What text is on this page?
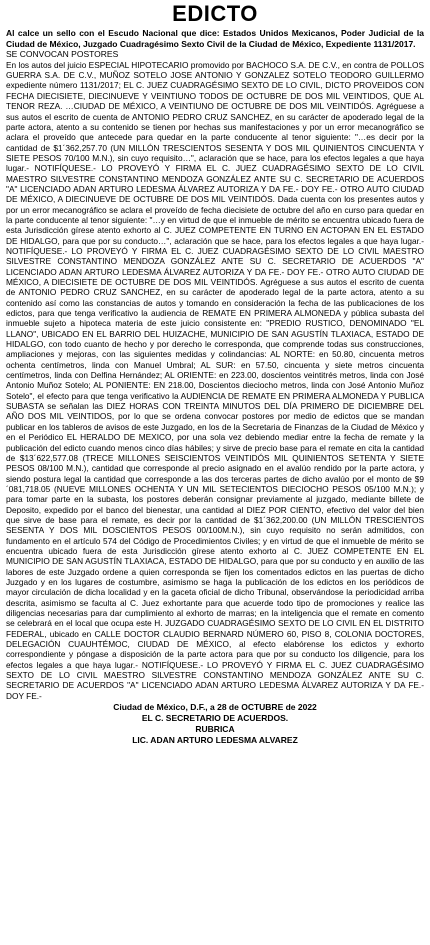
EDICTO

Al calce un sello con el Escudo Nacional que dice: Estados Unidos Mexicanos, Poder Judicial de la Ciudad de México, Juzgado Cuadragésimo Sexto Civil de la Ciudad de México, Expediente 1131/2017.

SE CONVOCAN POSTORES

En los autos del juicio ESPECIAL HIPOTECARIO promovido por BACHOCO S.A. DE C.V., en contra de POLLOS GUERRA S.A. DE C.V., MUÑOZ SOTELO JOSE ANTONIO Y GONZALEZ SOTELO TEODORO GUILLERMO expediente número 1131/2017; EL C. JUEZ CUADRAGÉSIMO SEXTO DE LO CIVIL, DICTO PROVEIDOS CON FECHA DIECISIETE, DIECINUEVE Y VEINTIUNO TODOS DE OCTUBRE DE DOS MIL VEINTIDOS, QUE AL TENOR REZA. …CIUDAD DE MÉXICO, A VEINTIUNO DE OCTUBRE DE DOS MIL VEINTIDÓS. Agréguese a sus autos el escrito de cuenta de ANTONIO PEDRO CRUZ SANCHEZ, en su carácter de apoderado legal de la parte actora, atento a su contenido se tienen por hechas sus manifestaciones y por un error mecanográfico se aclara el proveído que antecede para quedar en la parte conducente al tenor siguiente: "…es decir por la cantidad de $1´362,257.70 (UN MILLÓN TRESCIENTOS SESENTA Y DOS MIL QUINIENTOS CINCUENTA Y SIETE PESOS 70/100 M.N.), sin cuyo requisito…", aclaración que se hace, para los efectos legales a que haya lugar.- NOTIFÍQUESE.- LO PROVEYÓ Y FIRMA EL C. JUEZ CUADRAGÉSIMO SEXTO DE LO CIVIL MAESTRO SILVESTRE CONSTANTINO MENDOZA GONZÁLEZ ANTE SU C. SECRETARIO DE ACUERDOS "A" LICENCIADO ADAN ARTURO LEDESMA ÁLVAREZ AUTORIZA Y DA FE.- DOY FE.- OTRO AUTO CIUDAD DE MÉXICO, A DIECINUEVE DE OCTUBRE DE DOS MIL VEINTIDÓS. Dada cuenta con los presentes autos y por un error mecanográfico se aclara el proveído de fecha diecisiete de octubre del año en curso para quedar en la parte conducente al tenor siguiente: "…y en virtud de que el inmueble de mérito se encuentra ubicado fuera de esta Jurisdicción gírese atento exhorto al C. JUEZ COMPETENTE EN TURNO EN ACTOPAN EN EL ESTADO DE HIDALGO, para que por su conducto…", aclaración que se hace, para los efectos legales a que haya lugar.- NOTIFÍQUESE.- LO PROVEYÓ Y FIRMA EL C. JUEZ CUADRAGÉSIMO SEXTO DE LO CIVIL MAESTRO SILVESTRE CONSTANTINO MENDOZA GONZÁLEZ ANTE SU C. SECRETARIO DE ACUERDOS "A" LICENCIADO ADAN ARTURO LEDESMA ÁLVAREZ AUTORIZA Y DA FE.- DOY FE.- OTRO AUTO CIUDAD DE MÉXICO, A DIECISIETE DE OCTUBRE DE DOS MIL VEINTIDÓS. Agréguese a sus autos el escrito de cuenta de ANTONIO PEDRO CRUZ SANCHEZ, en su carácter de apoderado legal de la parte actora, atento a su contenido así como las constancias de autos y tomando en consideración la fecha de las publicaciones de los edictos, para que tenga verificativo la audiencia de REMATE EN PRIMERA ALMONEDA y pública subasta del inmueble sujeto a hipoteca materia de este juicio consistente en: "PREDIO RUSTICO, DENOMINADO "EL LLANO", UBICADO EN EL BARRIO DEL HUIZACHE, MUNICIPIO DE SAN AGUSTÍN TLAXIACA, ESTADO DE HIDALGO, con todo cuanto de hecho y por derecho le corresponda, que comprende todas sus construcciones, ampliaciones y mejoras, con las siguientes medidas y colindancias: AL NORTE: en 50.80, cincuenta metros ochenta centímetros, linda con Manuel Umbral; AL SUR: en 57.50, cincuenta y siete metros cincuenta centímetros, linda con Delfina Hernández; AL ORIENTE: en 223.00, doscientos veintitrés metros, linda con José Antonio Muñoz Sotelo; AL PONIENTE: EN 218.00, Doscientos dieciocho metros, linda con José Antonio Muñoz Sotelo", el efecto para que tenga verificativo la AUDIENCIA DE REMATE EN PRIMERA ALMONEDA Y PUBLICA SUBASTA se señalan las DIEZ HORAS CON TREINTA MINUTOS DEL DÍA PRIMERO DE DICIEMBRE DEL AÑO DOS MIL VEINTIDOS, por lo que se ordena convocar postores por medio de edictos que se mandan publicar en los tableros de avisos de este Juzgado, en los de la Secretaria de Finanzas de la Ciudad de México y en el Periódico EL HERALDO DE MEXICO, por una sola vez debiendo mediar entre la fecha de remate y la publicación del edicto cuando menos cinco días hábiles; y sirve de precio base para el remate en cita la cantidad de $13´622,577.08 (TRECE MILLONES SEISCIENTOS VEINTIDÓS MIL QUINIENTOS SETENTA Y SIETE PESOS 08/100 M.N.), cantidad que corresponde al precio asignado en el avalúo rendido por la parte actora, y siendo postura legal la cantidad que corresponde a las dos terceras partes de dicho avalúo por el monto de $9´081,718.05 (NUEVE MILLONES OCHENTA Y UN MIL SETECIENTOS DIECIOCHO PESOS 05/100 M.N.); y para tomar parte en la subasta, los postores deberán consignar previamente al juzgado, mediante billete de Deposito, expedido por el banco del bienestar, una cantidad al DIEZ POR CIENTO, efectivo del valor del bien que sirve de base para el remate, es decir por la cantidad de $1´362,200.00 (UN MILLÓN TRESCIENTOS SESENTA Y DOS MIL DOSCIENTOS PESOS 00/100M.N.), sin cuyo requisito no serán admitidos, con fundamento en el artículo 574 del Código de Procedimientos Civiles; y en virtud de que el inmueble de mérito se encuentra ubicado fuera de esta Jurisdicción gírese atento exhorto al C. JUEZ COMPETENTE EN EL MUNICIPIO DE SAN AGUSTÍN TLAXIACA, ESTADO DE HIDALGO, para que por su conducto y en auxilio de las labores de este Juzgado ordene a quien corresponda se fijen los comentados edictos en las puertas de dicho Juzgado y en los lugares de costumbre, asimismo se haga la publicación de los edictos en los periódicos de mayor circulación de dicha localidad y en la gaceta oficial de dicho Tribunal, observándose la periodicidad arriba descrita, asimismo se faculta al C. Juez exhortante para que acuerde todo tipo de promociones y realice las diligencias necesarias para dar cumplimiento al exhorto de marras; en la inteligencia que el remate en comento se celebrará en el local que ocupa este H. JUZGADO CUADRAGÉSIMO SEXTO DE LO CIVIL EN EL DISTRITO FEDERAL, ubicado en CALLE DOCTOR CLAUDIO BERNARD NÚMERO 60, PISO 8, COLONIA DOCTORES, DELEGACIÓN CUAUHTÉMOC, CIUDAD DE MÉXICO, al efecto elabórense los edictos y exhorto correspondiente y póngase a disposición de la parte actora para que por su conducto los diligencie, para los efectos legales a que haya lugar.- NOTIFÍQUESE.- LO PROVEYÓ Y FIRMA EL C. JUEZ CUADRAGÉSIMO SEXTO DE LO CIVIL MAESTRO SILVESTRE CONSTANTINO MENDOZA GONZÁLEZ ANTE SU C. SECRETARIO DE ACUERDOS "A" LICENCIADO ADAN ARTURO LEDESMA ÁLVAREZ AUTORIZA Y DA FE.- DOY FE.-

Ciudad de México, D.F., a 28 de OCTUBRE de 2022
EL C. SECRETARIO DE ACUERDOS.
RUBRICA
LIC. ADAN ARTURO LEDESMA ALVAREZ
